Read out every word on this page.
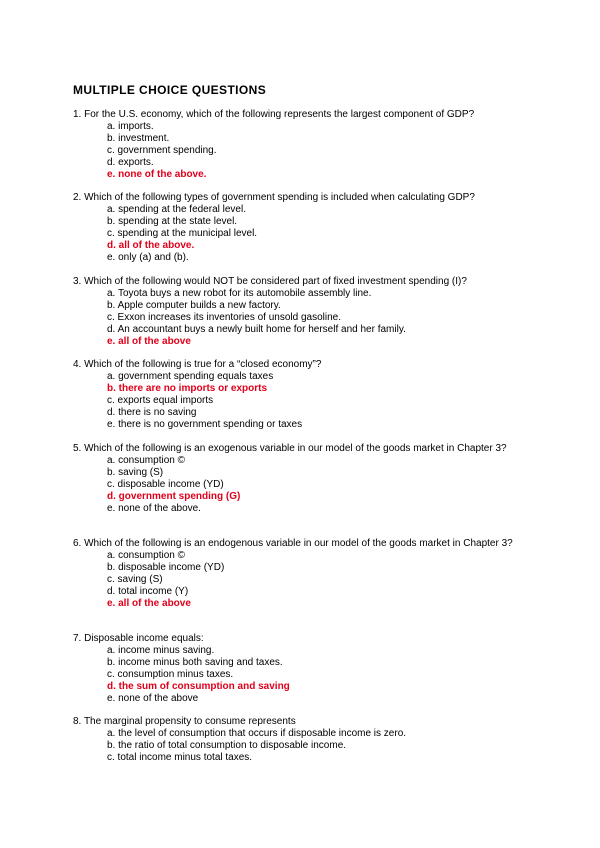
MULTIPLE CHOICE QUESTIONS

1. For the U.S. economy, which of the following represents the largest component of GDP?

a. imports.
b. investment.
c. government spending.
d. exports.
e. none of the above.

2. Which of the following types of government spending is included when calculating GDP?

a. spending at the federal level.
b. spending at the state level.
c. spending at the municipal level.
d. all of the above.
e. only (a) and (b).

3. Which of the following would NOT be considered part of fixed investment spending (I)?

a. Toyota buys a new robot for its automobile assembly line.
b. Apple computer builds a new factory.
c. Exxon increases its inventories of unsold gasoline.
d. An accountant buys a newly built home for herself and her family.
e. all of the above

4. Which of the following is true for a “closed economy”?

a. government spending equals taxes
b. there are no imports or exports
c. exports equal imports
d. there is no saving
e. there is no government spending or taxes

5. Which of the following is an exogenous variable in our model of the goods market in Chapter 3?

a. consumption ©
b. saving (S)
c. disposable income (YD)
d. government spending (G)
e. none of the above.

6. Which of the following is an endogenous variable in our model of the goods market in Chapter 3?

a. consumption ©
b. disposable income (YD)
c. saving (S)
d. total income (Y)
e. all of the above

7. Disposable income equals:

a. income minus saving.
b. income minus both saving and taxes.
c. consumption minus taxes.
d. the sum of consumption and saving
e. none of the above

8. The marginal propensity to consume represents

a. the level of consumption that occurs if disposable income is zero.
b. the ratio of total consumption to disposable income.
c. total income minus total taxes.
